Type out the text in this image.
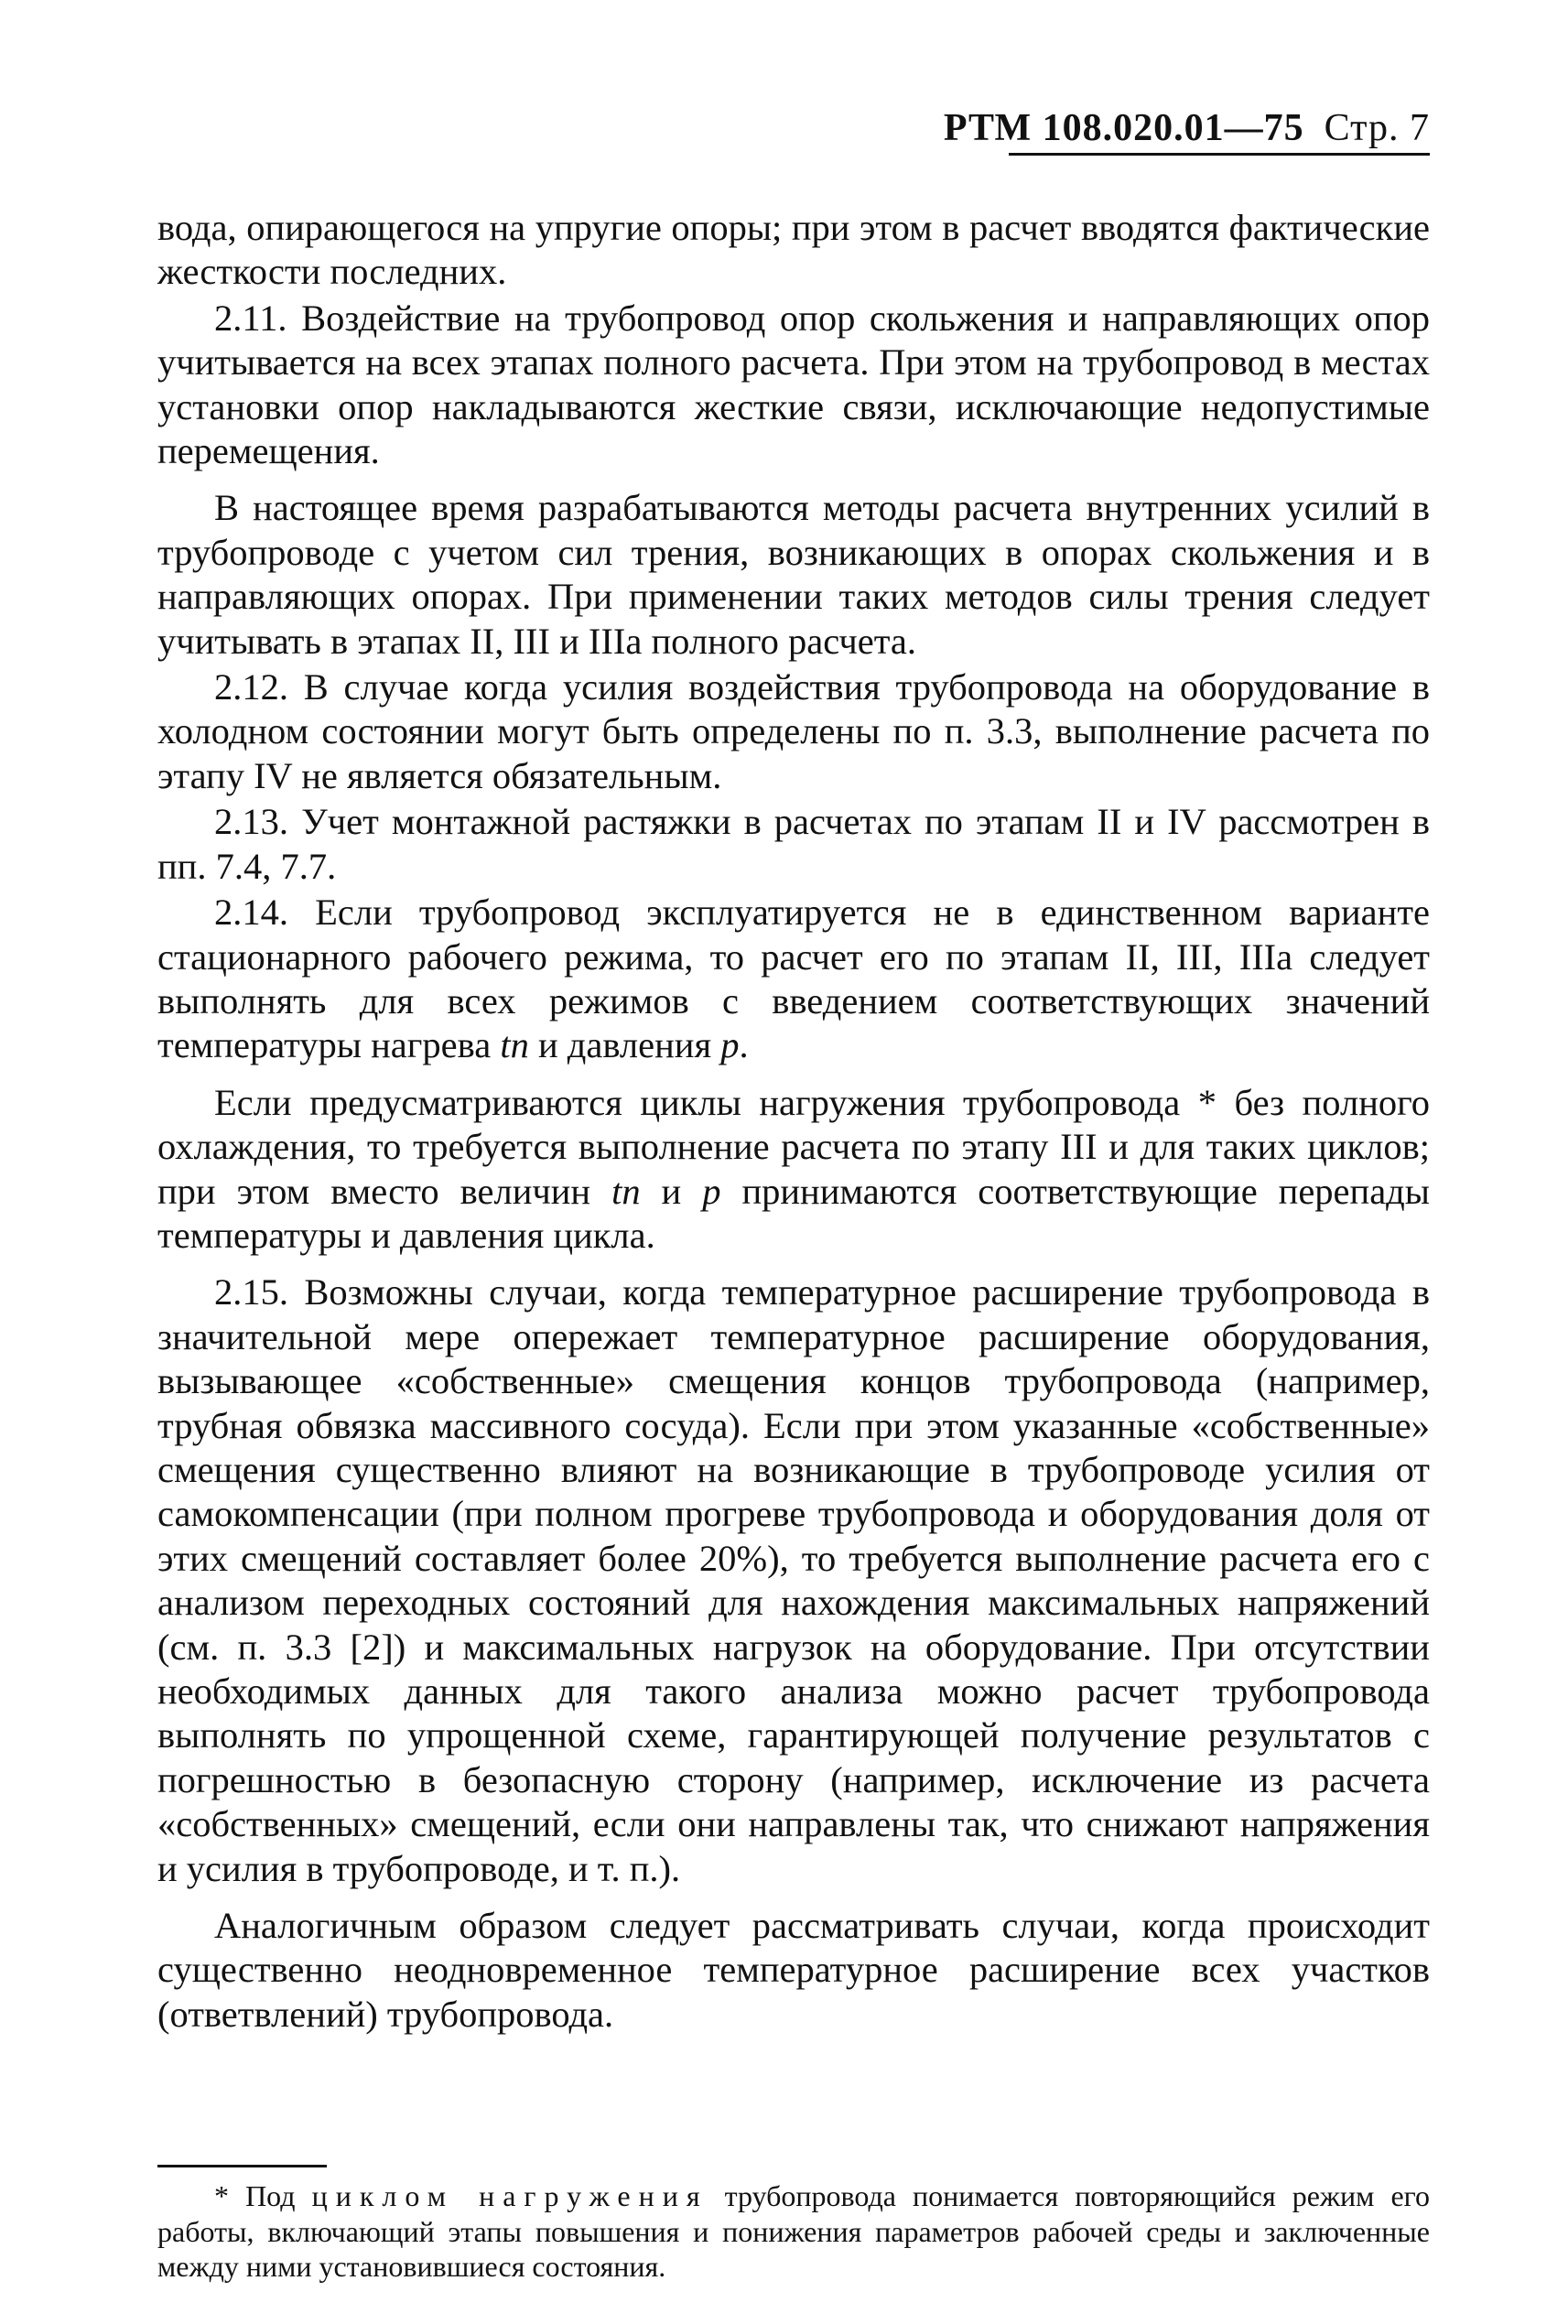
РТМ 108.020.01—75 Стр. 7

вода, опирающегося на упругие опоры; при этом в расчет вводятся фактические жесткости последних.

2.11. Воздействие на трубопровод опор скольжения и направляющих опор учитывается на всех этапах полного расчета. При этом на трубопровод в местах установки опор накладываются жесткие связи, исключающие недопустимые перемещения.

В настоящее время разрабатываются методы расчета внутренних усилий в трубопроводе с учетом сил трения, возникающих в опорах скольжения и в направляющих опорах. При применении таких методов силы трения следует учитывать в этапах II, III и IIIа полного расчета.

2.12. В случае когда усилия воздействия трубопровода на оборудование в холодном состоянии могут быть определены по п. 3.3, выполнение расчета по этапу IV не является обязательным.

2.13. Учет монтажной растяжки в расчетах по этапам II и IV рассмотрен в пп. 7.4, 7.7.

2.14. Если трубопровод эксплуатируется не в единственном варианте стационарного рабочего режима, то расчет его по этапам II, III, IIIа следует выполнять для всех режимов с введением соответствующих значений температуры нагрева tп и давления p.

Если предусматриваются циклы нагружения трубопровода * без полного охлаждения, то требуется выполнение расчета по этапу III и для таких циклов; при этом вместо величин tп и p принимаются соответствующие перепады температуры и давления цикла.

2.15. Возможны случаи, когда температурное расширение трубопровода в значительной мере опережает температурное расширение оборудования, вызывающее «собственные» смещения концов трубопровода (например, трубная обвязка массивного сосуда). Если при этом указанные «собственные» смещения существенно влияют на возникающие в трубопроводе усилия от самокомпенсации (при полном прогреве трубопровода и оборудования доля от этих смещений составляет более 20%), то требуется выполнение расчета его с анализом переходных состояний для нахождения максимальных напряжений (см. п. 3.3 [2]) и максимальных нагрузок на оборудование. При отсутствии необходимых данных для такого анализа можно расчет трубопровода выполнять по упрощенной схеме, гарантирующей получение результатов с погрешностью в безопасную сторону (например, исключение из расчета «собственных» смещений, если они направлены так, что снижают напряжения и усилия в трубопроводе, и т. п.).

Аналогичным образом следует рассматривать случаи, когда происходит существенно неодновременное температурное расширение всех участков (ответвлений) трубопровода.

* Под циклом нагружения трубопровода понимается повторяющийся режим его работы, включающий этапы повышения и понижения параметров рабочей среды и заключенные между ними установившиеся состояния.
